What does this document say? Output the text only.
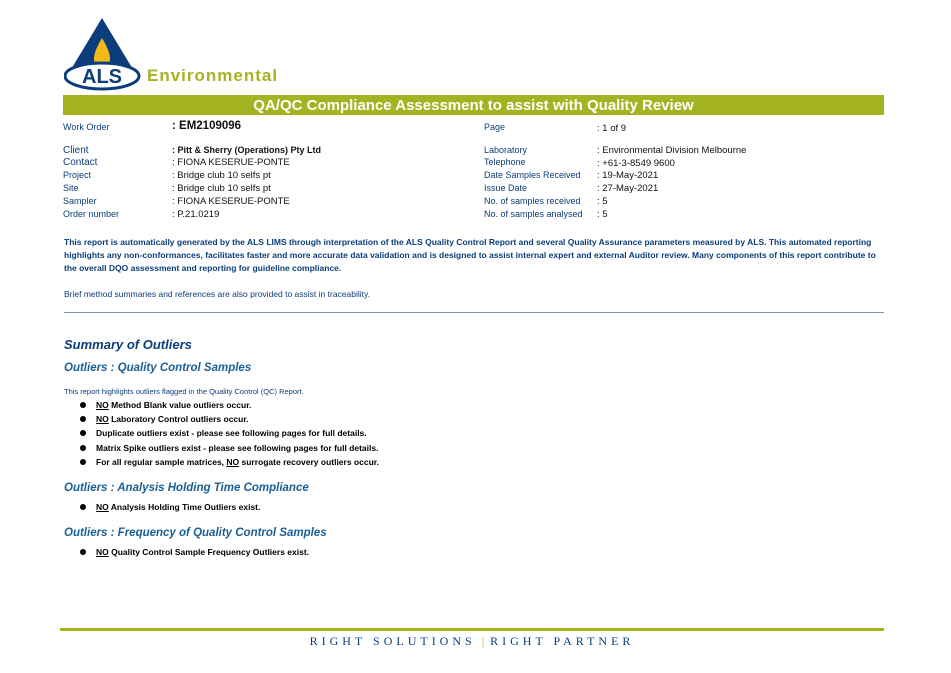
ALS Environmental
QA/QC Compliance Assessment to assist with Quality Review
Work Order	: EM2109096
Client	: Pitt & Sherry (Operations) Pty Ltd
Contact	: FIONA KESERUE-PONTE
Project	: Bridge club 10 selfs pt
Site	: Bridge club 10 selfs pt
Sampler	: FIONA KESERUE-PONTE
Order number	: P.21.0219
Page	: 1 of 9
Laboratory	: Environmental Division Melbourne
Telephone	: +61-3-8549 9600
Date Samples Received : 19-May-2021
Issue Date	: 27-May-2021
No. of samples received : 5
No. of samples analysed : 5
This report is automatically generated by the ALS LIMS through interpretation of the ALS Quality Control Report and several Quality Assurance parameters measured by ALS. This automated reporting highlights any non-conformances, facilitates faster and more accurate data validation and is designed to assist internal expert and external Auditor review. Many components of this report contribute to the overall DQO assessment and reporting for guideline compliance.
Brief method summaries and references are also provided to assist in traceability.
Summary of Outliers
Outliers : Quality Control Samples
This report highlights outliers flagged in the Quality Control (QC) Report.
NO Method Blank value outliers occur.
NO Laboratory Control outliers occur.
Duplicate outliers exist - please see following pages for full details.
Matrix Spike outliers exist - please see following pages for full details.
For all regular sample matrices, NO surrogate recovery outliers occur.
Outliers : Analysis Holding Time Compliance
NO Analysis Holding Time Outliers exist.
Outliers : Frequency of Quality Control Samples
NO Quality Control Sample Frequency Outliers exist.
RIGHT SOLUTIONS | RIGHT PARTNER
